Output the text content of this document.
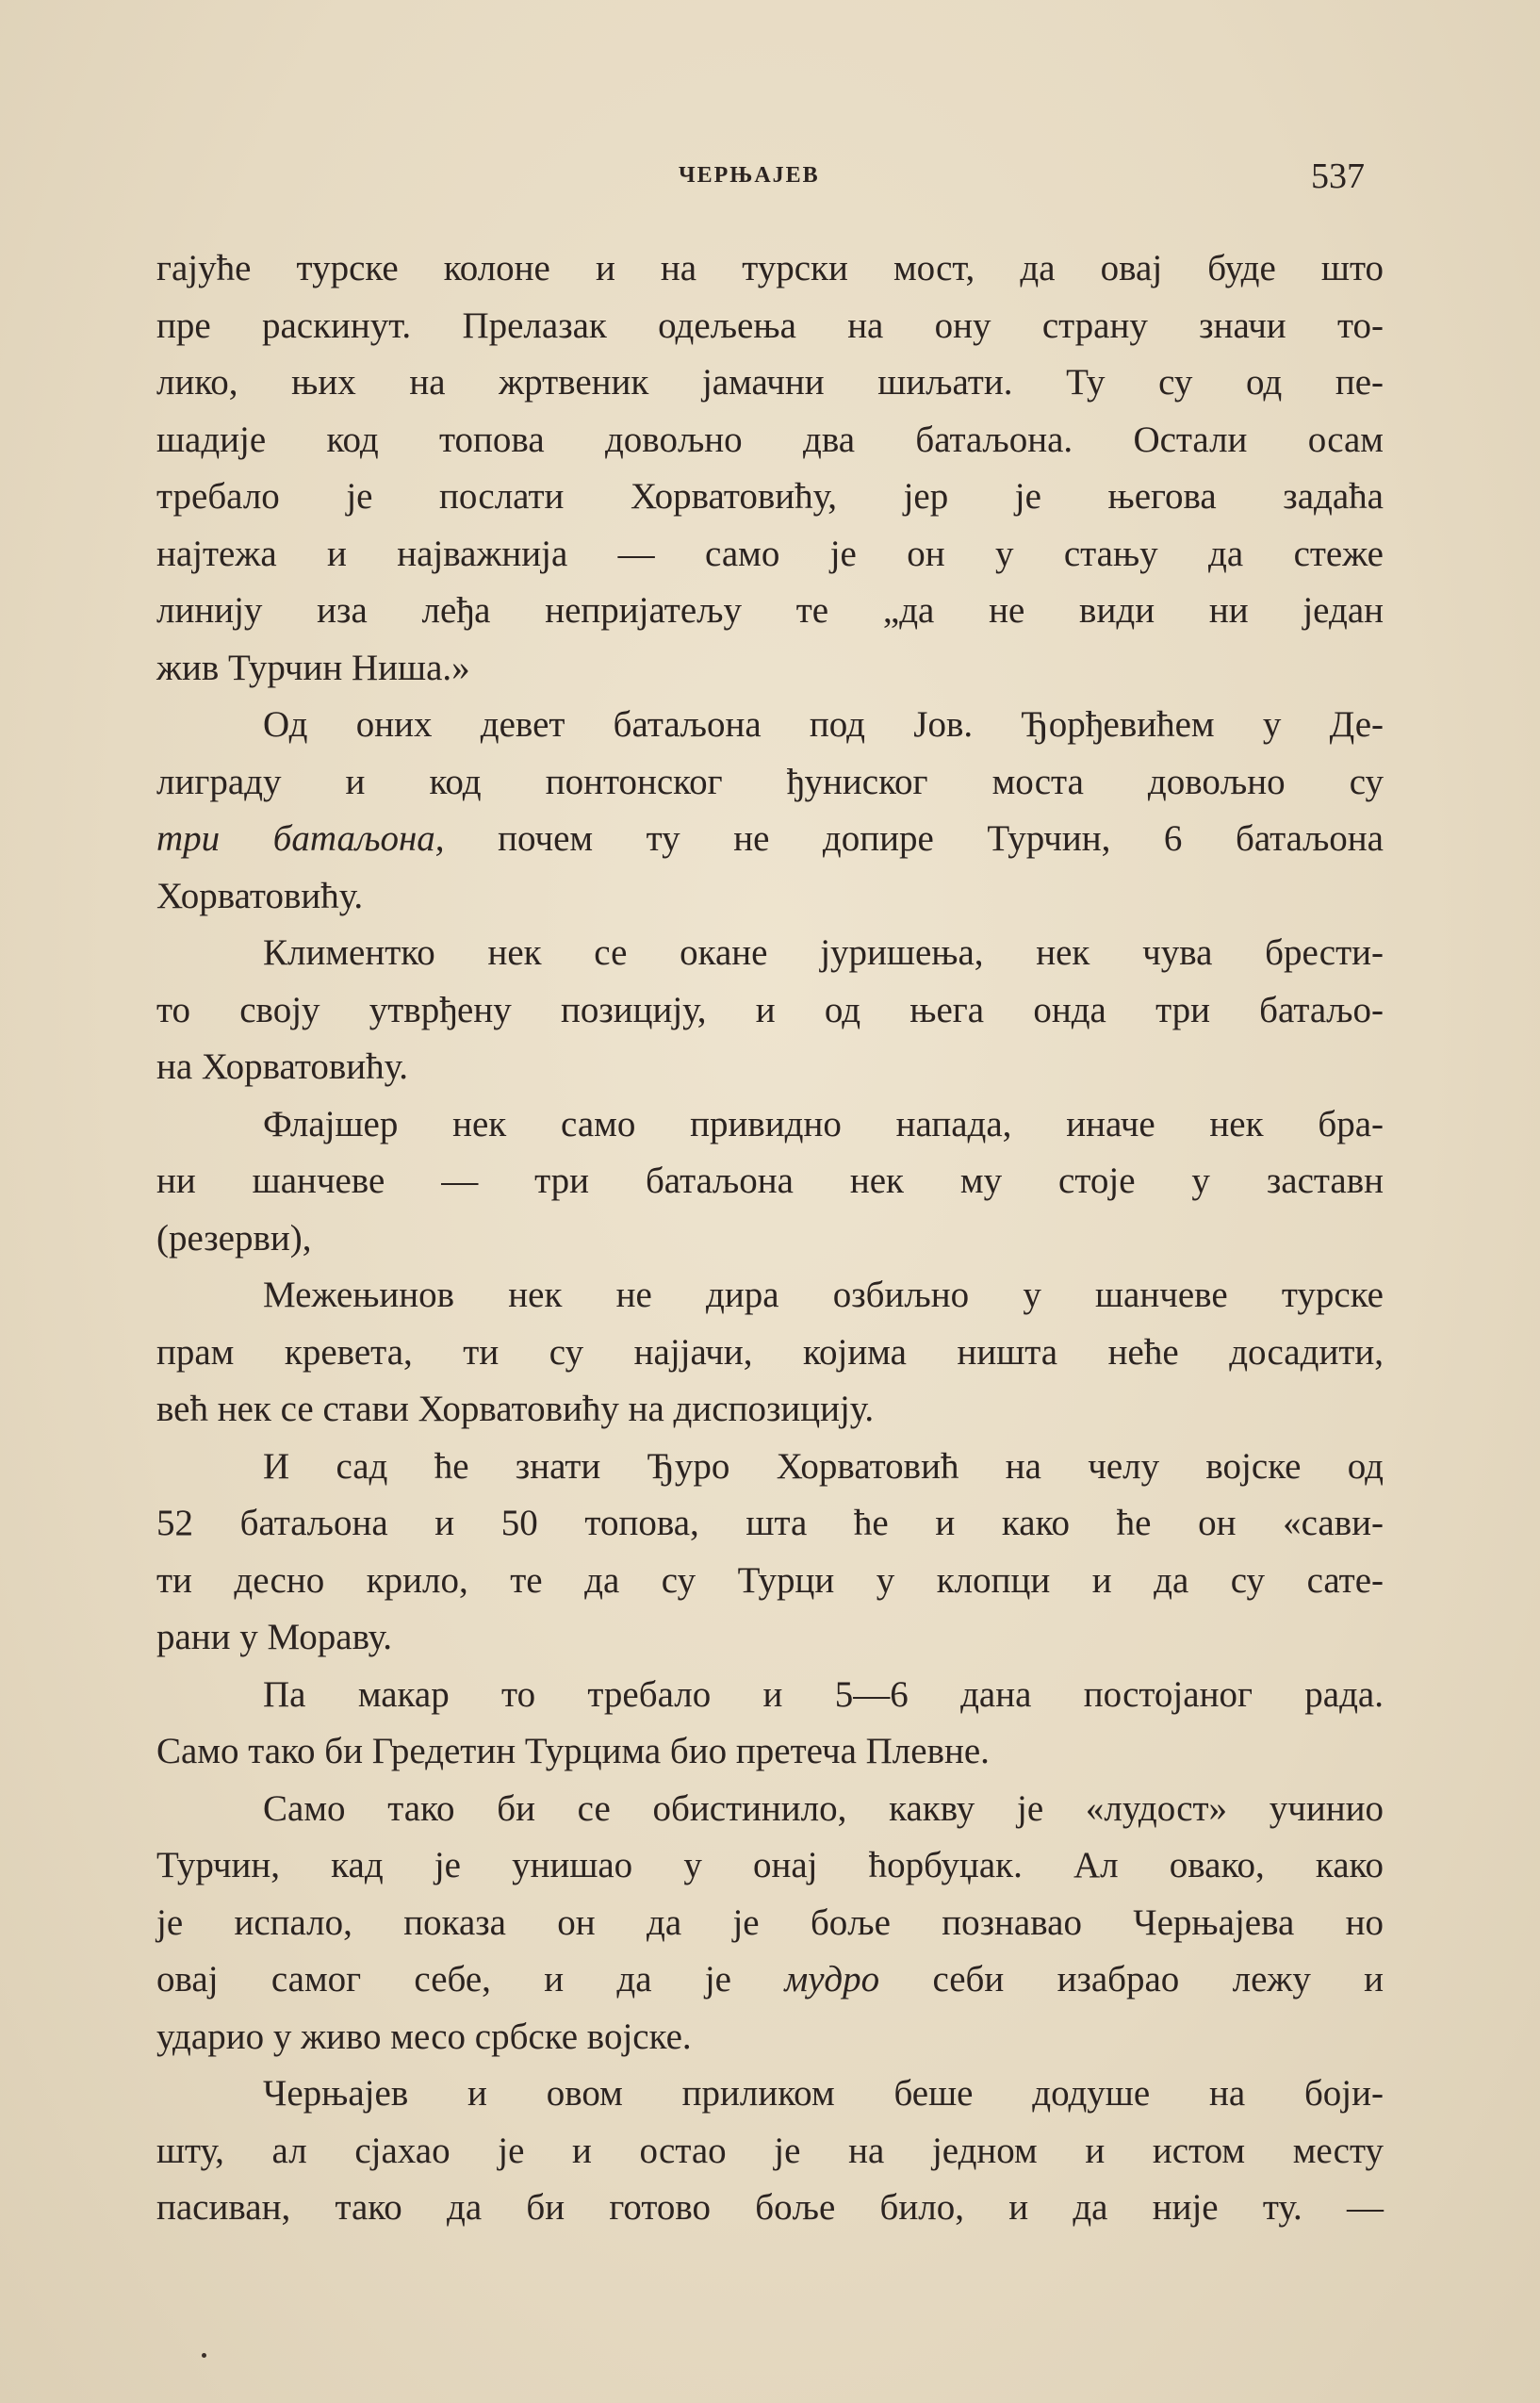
ЧЕРЊАЈЕВ	537
гајуће турске колоне и на турски мост, да овај буде што
пре раскинут. Прелазак одељења на ону страну значи то-
лико, њих на жртвеник јамачни шиљати. Ту су од пе-
шадије код топова довољно два батаљона. Остали осам
требало је послати Хорватовићу, јер је његова задаћа
најтежа и најважнија — само је он у стању да стеже
линију иза леђа непријатељу те „да не види ни један
жив Турчин Ниша.»
Од оних девет батаљона под Јов. Ђорђевићем у Де-
лиграду и код понтонског ђуниског моста довољно су
три батаљона, почем ту не допире Турчин, 6 батаљона
Хорватовићу.
Климентко нек се окане јуришења, нек чува брести-
то своју утврђену позицију, и од њега онда три батаљо-
на Хорватовићу.
Флајшер нек само привидно напада, иначе нек бра-
ни шанчеве — три батаљона нек му стоје у заставн
(резерви),
Межењинов нек не дира озбиљно у шанчеве турске
прам кревета, ти су најјачи, којима ништа неће досадити,
већ нек се стави Хорватовићу на диспозицију.
И сад ће знати Ђуро Хорватовић на челу војске од
52 батаљона и 50 топова, шта ће и како ће он «сави-
ти десно крило, те да су Турци у клопци и да су сате-
рани у Мораву.
Па макар то требало и 5—6 дана постојаног рада.
Само тако би Гредетин Турцима био претеча Плевне.
Само тако би се обистинило, какву је «лудост» учинио
Турчин, кад је унишао у онај ћорбуџак. Ал овако, како
је испало, показа он да је боље познавао Черњајева но
овај самог себе, и да је мудро себи изабрао лежу и
ударио у живо месо србске војске.
Черњајев и овом приликом беше додуше на боји-
шту, ал сјахао је и остао је на једном и истом месту
пасиван, тако да би готово боље било, и да није ту. —
